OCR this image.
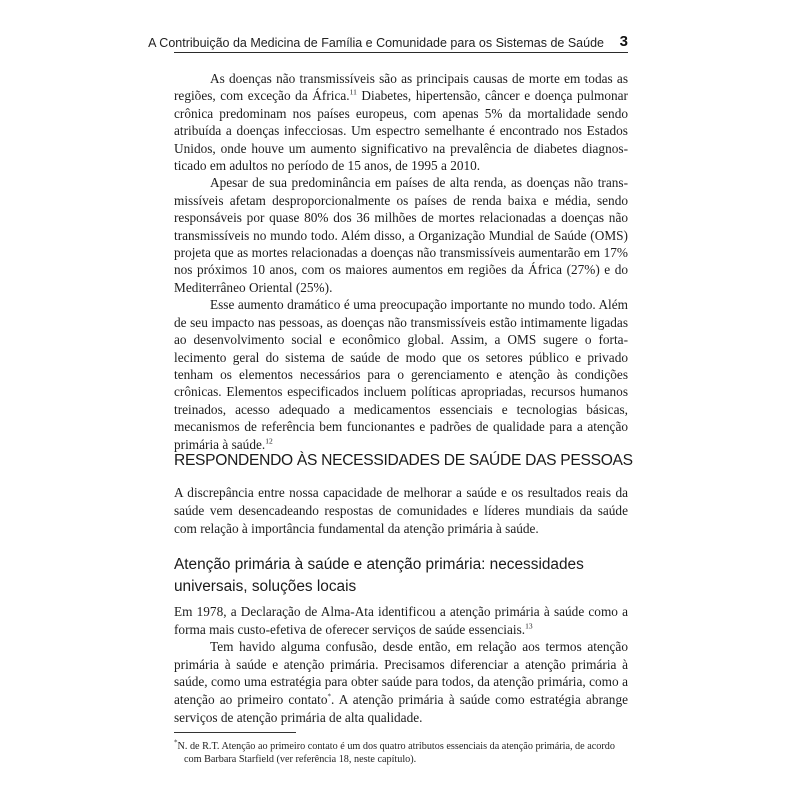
A Contribuição da Medicina de Família e Comunidade para os Sistemas de Saúde 3

As doenças não transmissíveis são as principais causas de morte em todas as regiões, com exceção da África.$^{11}$ Diabetes, hipertensão, câncer e doença pulmonar crônica predominam nos países europeus, com apenas 5% da mortalidade sendo atribuída a doenças infecciosas. Um espectro semelhante é encontrado nos Estados Unidos, onde houve um aumento significativo na prevalência de diabetes diagnosticado em adultos no período de 15 anos, de 1995 a 2010.

Apesar de sua predominância em países de alta renda, as doenças não transmissíveis afetam desproporcionalmente os países de renda baixa e média, sendo responsáveis por quase 80% dos 36 milhões de mortes relacionadas a doenças não transmissíveis no mundo todo. Além disso, a Organização Mundial de Saúde (OMS) projeta que as mortes relacionadas a doenças não transmissíveis aumentarão em 17% nos próximos 10 anos, com os maiores aumentos em regiões da África (27%) e do Mediterrâneo Oriental (25%).

Esse aumento dramático é uma preocupação importante no mundo todo. Além de seu impacto nas pessoas, as doenças não transmissíveis estão intimamente ligadas ao desenvolvimento social e econômico global. Assim, a OMS sugere o fortalecimento geral do sistema de saúde de modo que os setores público e privado tenham os elementos necessários para o gerenciamento e atenção às condições crônicas. Elementos especificados incluem políticas apropriadas, recursos humanos treinados, acesso adequado a medicamentos essenciais e tecnologias básicas, mecanismos de referência bem funcionantes e padrões de qualidade para a atenção primária à saúde.$^{12}$

RESPONDENDO ÀS NECESSIDADES DE SAÚDE DAS PESSOAS
A discrepância entre nossa capacidade de melhorar a saúde e os resultados reais da saúde vem desencadeando respostas de comunidades e líderes mundiais da saúde com relação à importância fundamental da atenção primária à saúde.
Atenção primária à saúde e atenção primária: necessidades universais, soluções locais

Em 1978, a Declaração de Alma-Ata identificou a atenção primária à saúde como a forma mais custo-efetiva de oferecer serviços de saúde essenciais.$^{13}$

Tem havido alguma confusão, desde então, em relação aos termos atenção primária à saúde e atenção primária. Precisamos diferenciar a atenção primária à saúde, como uma estratégia para obter saúde para todos, da atenção primária, como a atenção ao primeiro contato*. A atenção primária à saúde como estratégia abrange serviços de atenção primária de alta qualidade.

*N. de R.T. Atenção ao primeiro contato é um dos quatro atributos essenciais da atenção primária, de acordo
com Barbara Starfield (ver referência 18, neste capítulo).
